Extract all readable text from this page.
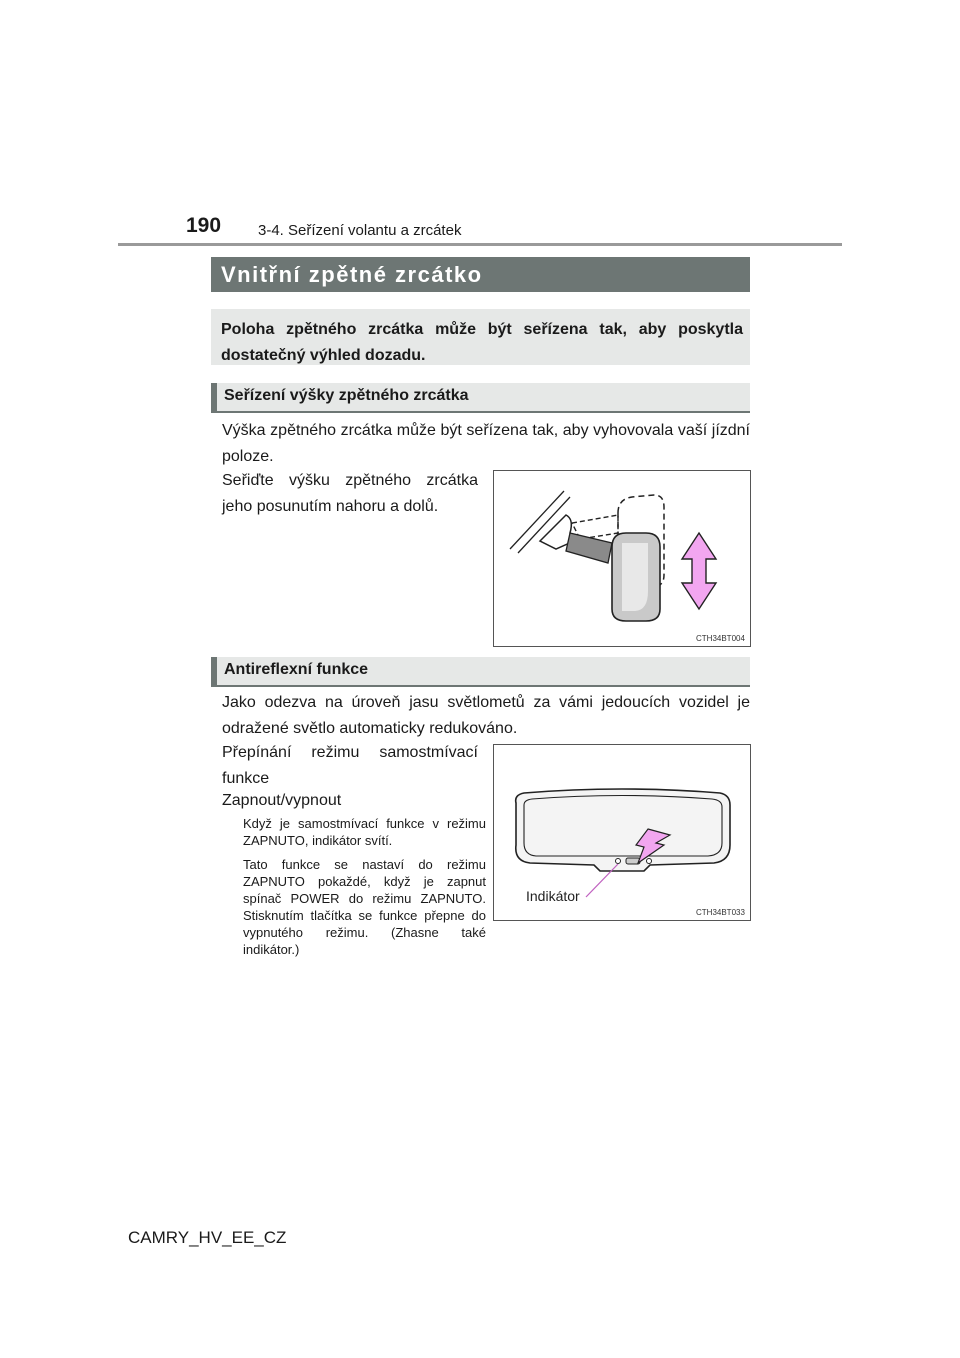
190 3-4. Seřízení volantu a zrcátek
Vnitřní zpětné zrcátko

Poloha zpětného zrcátka může být seřízena tak, aby poskytla dostatečný výhled dozadu.

Seřízení výšky zpětného zrcátka

Výška zpětného zrcátka může být seřízena tak, aby vyhovovala vaší jízdní poloze.

Seřiďte výšku zpětného zrcátka jeho posunutím nahoru a dolů.

CTH34BT004
Antireflexní funkce

Jako odezva na úroveň jasu světlometů za vámi jedoucích vozidel je odražené světlo automaticky redukováno.

Přepínání režimu samostmívací funkce

Zapnout/vypnout

Když je samostmívací funkce v režimu ZAPNUTO, indikátor svítí.

Tato funkce se nastaví do režimu ZAPNUTO pokaždé, když je zapnut spínač POWER do režimu ZAPNUTO. Stisknutím tlačítka se funkce přepne do vypnutého režimu. (Zhasne také indikátor.)

Indikátor
CTH34BT033
CAMRY_HV_EE_CZ
